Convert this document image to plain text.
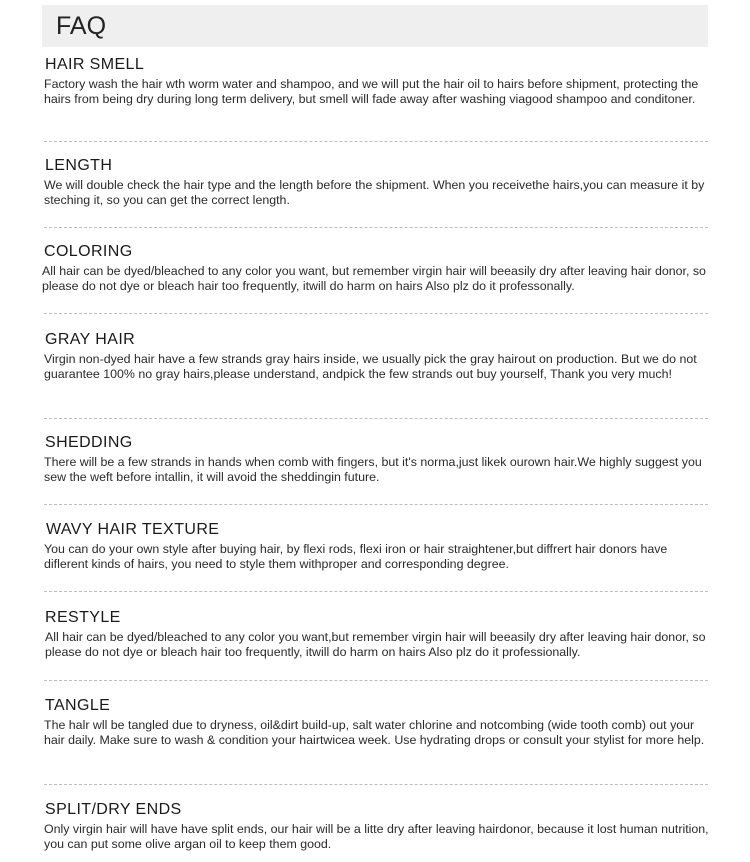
FAQ
HAIR SMELL
Factory wash the hair wth worm water and shampoo, and we will put the hair oil to hairs before shipment, protecting the hairs from being dry during long term delivery, but smell will fade away after washing viagood shampoo and conditoner.
LENGTH
We will double check the hair type and the length before the shipment. When you receivethe hairs,you can measure it by steching it, so you can get the correct length.
COLORING
All hair can be dyed/bleached to any color you want, but remember virgin hair will beeasily dry after leaving hair donor, so please do not dye or bleach hair too frequently, itwill do harm on hairs Also plz do it professonally.
GRAY HAIR
Virgin non-dyed hair have a few strands gray hairs inside, we usually pick the gray hairout on production. But we do not guarantee 100% no gray hairs,please understand, andpick the few strands out buy yourself, Thank you very much!
SHEDDING
There will be a few strands in hands when comb with fingers, but it's norma,just likek ourown hair.We highly suggest you sew the weft before intallin, it will avoid the sheddingin future.
WAVY HAIR TEXTURE
You can do your own style after buying hair, by flexi rods, flexi iron or hair straightener,but diffrert hair donors have diflerent kinds of hairs, you need to style them withproper and corresponding degree.
RESTYLE
All hair can be dyed/bleached to any color you want,but remember virgin hair will beeasily dry after leaving hair donor, so please do not dye or bleach hair too frequently, itwill do harm on hairs Also plz do it professionally.
TANGLE
The halr wll be tangled due to dryness, oil&dirt build-up, salt water chlorine and notcombing (wide tooth comb) out your hair daily. Make sure to wash & condition your hairtwicea week. Use hydrating drops or consult your stylist for more help.
SPLIT/DRY ENDS
Only virgin hair will have have split ends, our hair will be a litte dry after leaving hairdonor, because it lost human nutrition, you can put some olive argan oil to keep them good.
